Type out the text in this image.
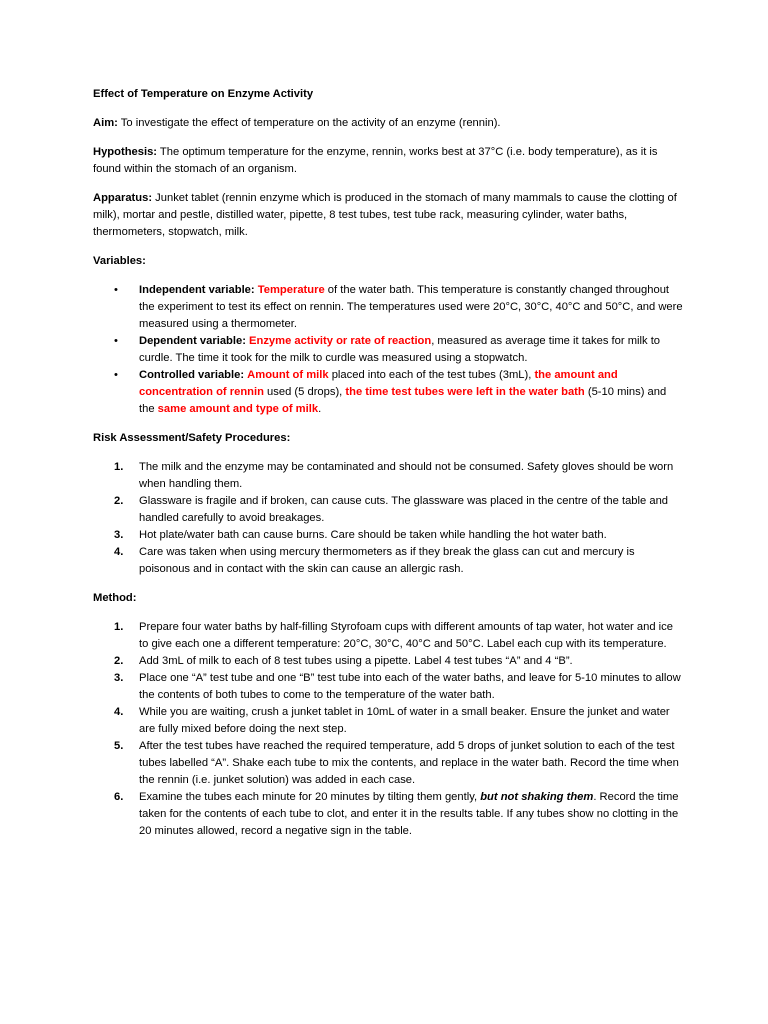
Effect of Temperature on Enzyme Activity

Aim: To investigate the effect of temperature on the activity of an enzyme (rennin).

Hypothesis: The optimum temperature for the enzyme, rennin, works best at 37°C (i.e. body temperature), as it is found within the stomach of an organism.

Apparatus: Junket tablet (rennin enzyme which is produced in the stomach of many mammals to cause the clotting of milk), mortar and pestle, distilled water, pipette, 8 test tubes, test tube rack, measuring cylinder, water baths, thermometers, stopwatch, milk.

Variables:

• Independent variable: Temperature of the water bath. This temperature is constantly changed throughout the experiment to test its effect on rennin. The temperatures used were 20°C, 30°C, 40°C and 50°C, and were measured using a thermometer.
• Dependent variable: Enzyme activity or rate of reaction, measured as average time it takes for milk to curdle. The time it took for the milk to curdle was measured using a stopwatch.
• Controlled variable: Amount of milk placed into each of the test tubes (3mL), the amount and concentration of rennin used (5 drops), the time test tubes were left in the water bath (5-10 mins) and the same amount and type of milk.

Risk Assessment/Safety Procedures:

1. The milk and the enzyme may be contaminated and should not be consumed. Safety gloves should be worn when handling them.
2. Glassware is fragile and if broken, can cause cuts. The glassware was placed in the centre of the table and handled carefully to avoid breakages.
3. Hot plate/water bath can cause burns. Care should be taken while handling the hot water bath.
4. Care was taken when using mercury thermometers as if they break the glass can cut and mercury is poisonous and in contact with the skin can cause an allergic rash.

Method:

1. Prepare four water baths by half-filling Styrofoam cups with different amounts of tap water, hot water and ice to give each one a different temperature: 20°C, 30°C, 40°C and 50°C. Label each cup with its temperature.
2. Add 3mL of milk to each of 8 test tubes using a pipette. Label 4 test tubes “A” and 4 “B”.
3. Place one “A” test tube and one “B” test tube into each of the water baths, and leave for 5-10 minutes to allow the contents of both tubes to come to the temperature of the water bath.
4. While you are waiting, crush a junket tablet in 10mL of water in a small beaker. Ensure the junket and water are fully mixed before doing the next step.
5. After the test tubes have reached the required temperature, add 5 drops of junket solution to each of the test tubes labelled “A”. Shake each tube to mix the contents, and replace in the water bath. Record the time when the rennin (i.e. junket solution) was added in each case.
6. Examine the tubes each minute for 20 minutes by tilting them gently, but not shaking them. Record the time taken for the contents of each tube to clot, and enter it in the results table. If any tubes show no clotting in the 20 minutes allowed, record a negative sign in the table.
